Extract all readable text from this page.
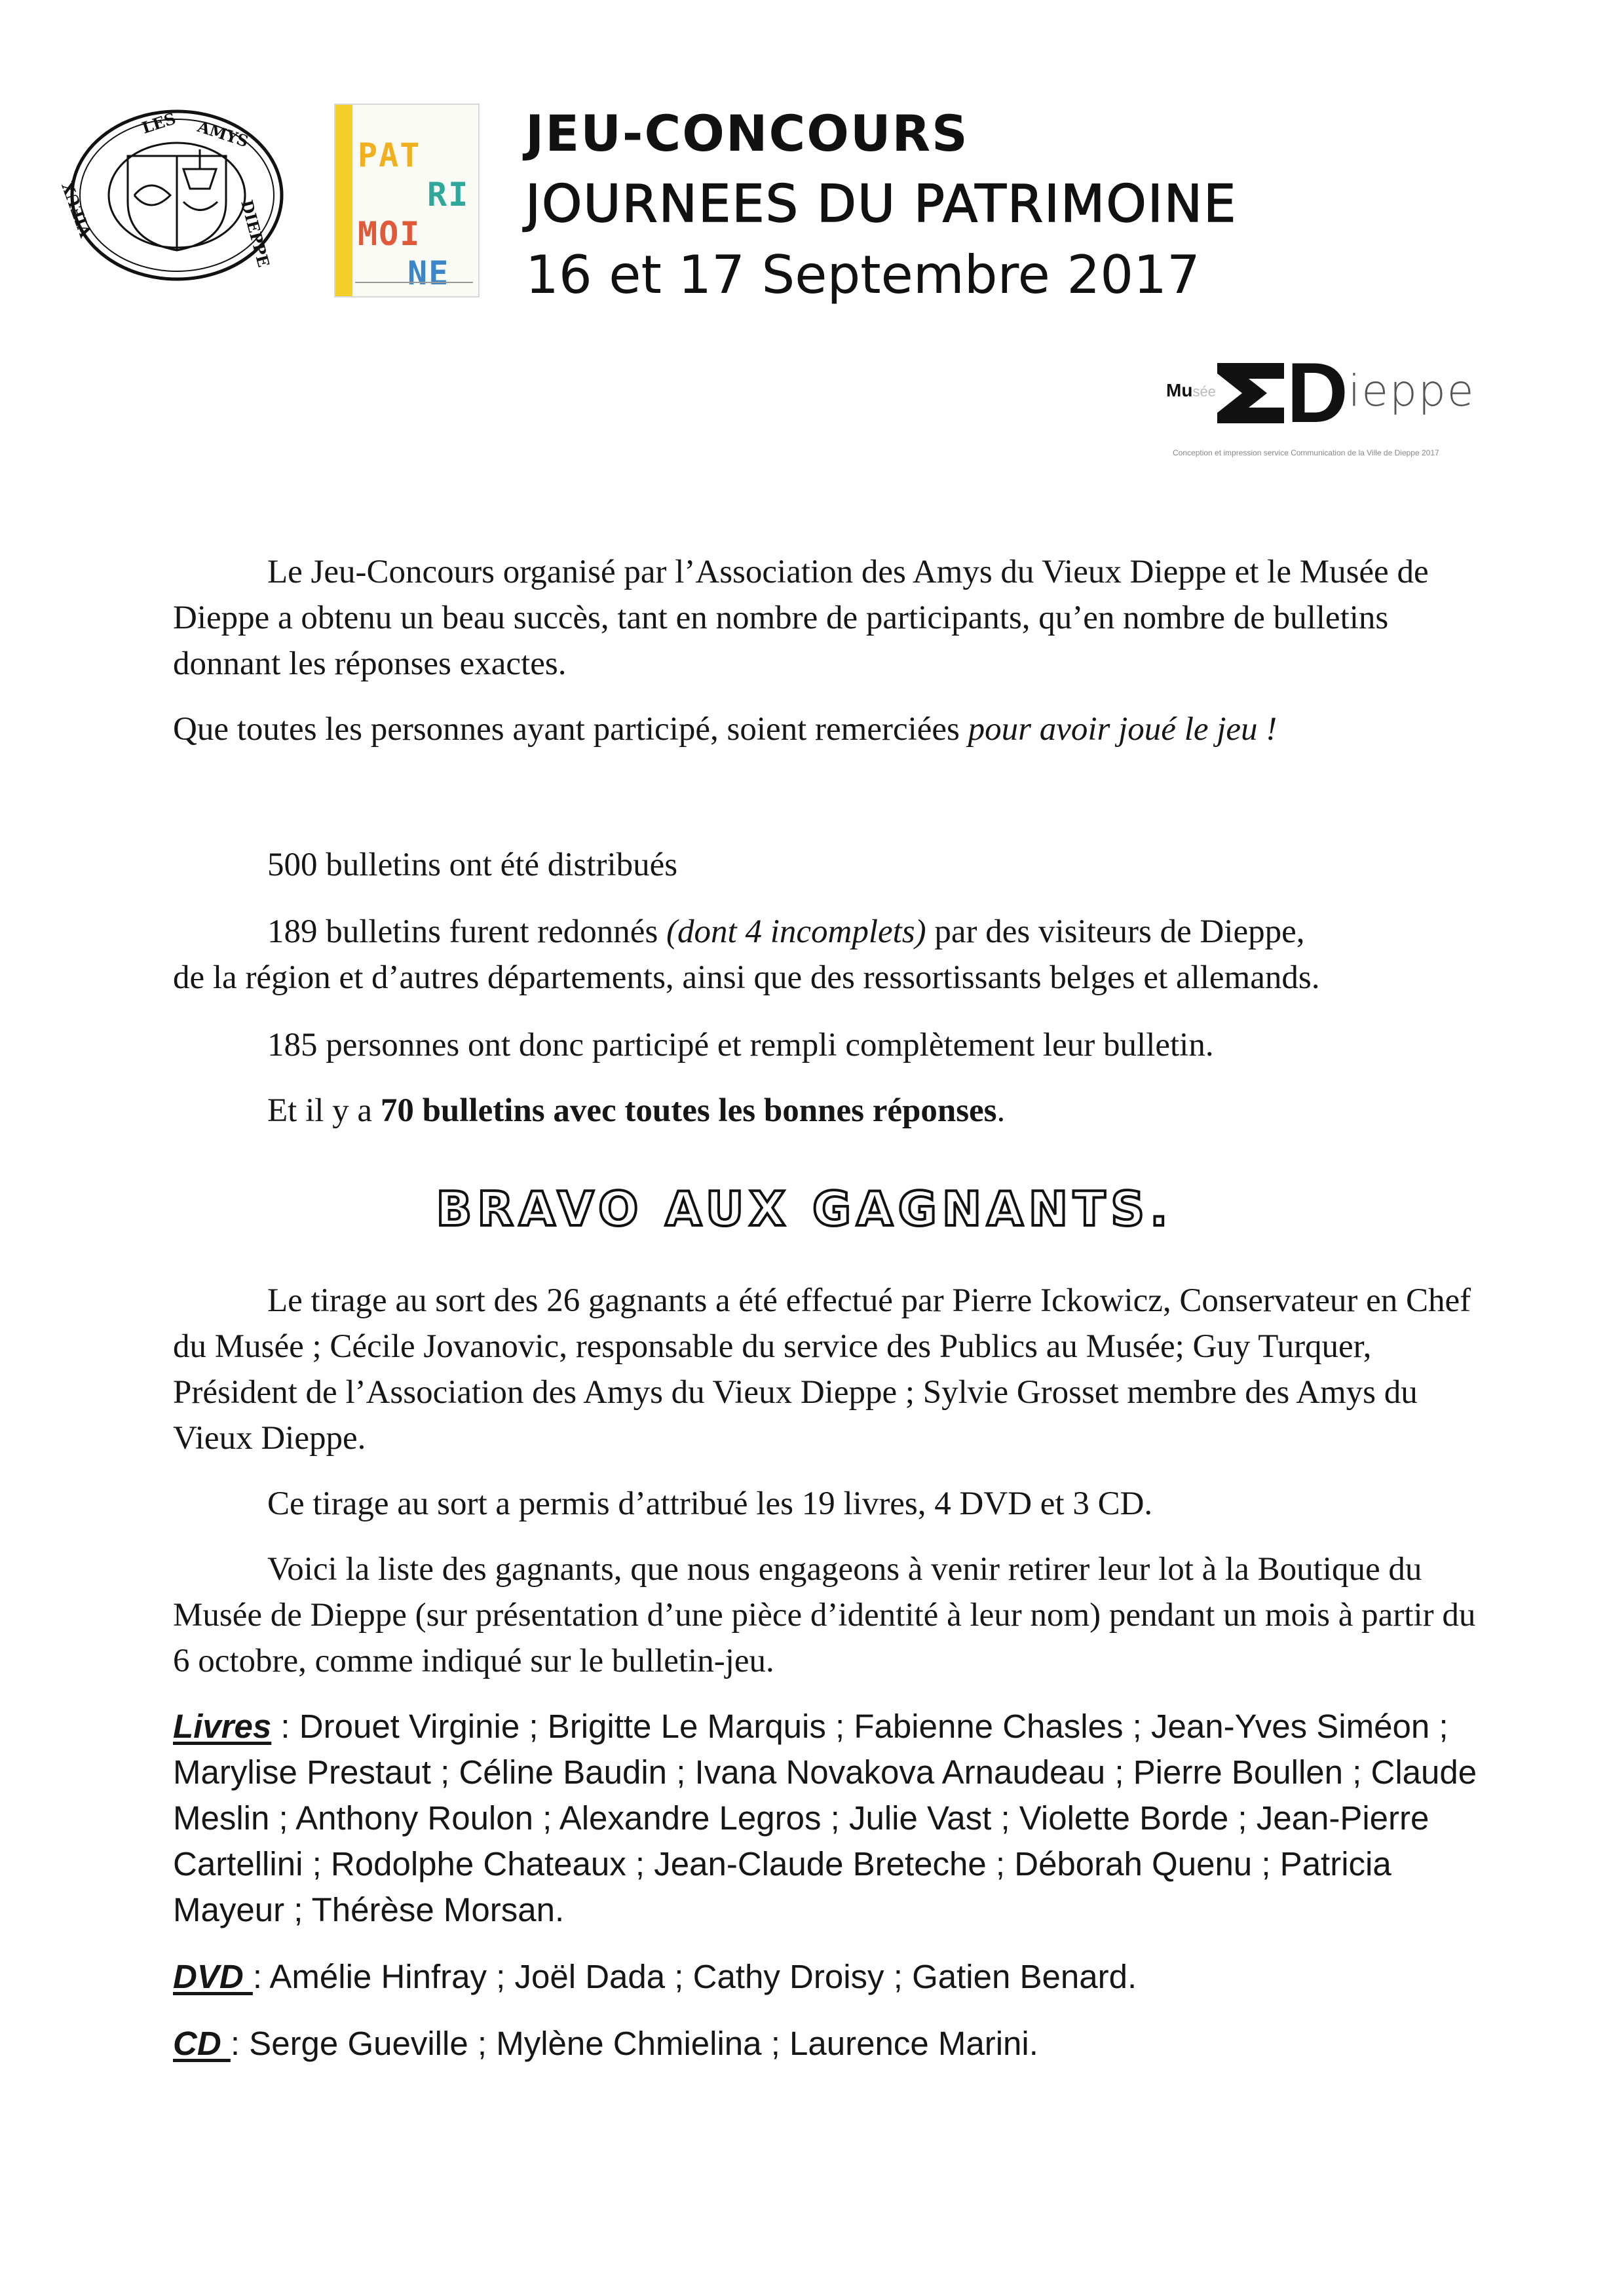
LES AMYS
DIEPPE
VIEUX
PAT
RI
MOI
NE
JEU-CONCOURS
JOURNEES DU PATRIMOINE
16 et 17 Septembre 2017
Musée D ieppe
Conception et impression service Communication de la Ville de Dieppe 2017

Le Jeu-Concours organisé par l’Association des Amys du Vieux Dieppe et le Musée de Dieppe a obtenu un beau succès, tant en nombre de participants, qu’en nombre de bulletins donnant les réponses exactes.

Que toutes les personnes ayant participé, soient remerciées pour avoir joué le jeu !

500 bulletins ont été distribués
189 bulletins furent redonnés (dont 4 incomplets) par des visiteurs de Dieppe,
de la région et d’autres départements, ainsi que des ressortissants belges et allemands.
185 personnes ont donc participé et rempli complètement leur bulletin.
Et il y a 70 bulletins avec toutes les bonnes réponses.
BRAVO AUX GAGNANTS.

Le tirage au sort des 26 gagnants a été effectué par Pierre Ickowicz, Conservateur en Chef du Musée ; Cécile Jovanovic, responsable du service des Publics au Musée; Guy Turquer, Président de l’Association des Amys du Vieux Dieppe ; Sylvie Grosset membre des Amys du Vieux Dieppe.

Ce tirage au sort a permis d’attribué les 19 livres, 4 DVD et 3 CD.

Voici la liste des gagnants, que nous engageons à venir retirer leur lot à la Boutique du Musée de Dieppe (sur présentation d’une pièce d’identité à leur nom) pendant un mois à partir du 6 octobre, comme indiqué sur le bulletin-jeu.

Livres : Drouet Virginie ; Brigitte Le Marquis ; Fabienne Chasles ; Jean-Yves Siméon ; Marylise Prestaut ; Céline Baudin ; Ivana Novakova Arnaudeau ; Pierre Boullen ; Claude Meslin ; Anthony Roulon ; Alexandre Legros ; Julie Vast ; Violette Borde ; Jean-Pierre Cartellini ; Rodolphe Chateaux ; Jean-Claude Breteche ; Déborah Quenu ; Patricia Mayeur ; Thérèse Morsan.

DVD : Amélie Hinfray ; Joël Dada ; Cathy Droisy ; Gatien Benard.

CD : Serge Gueville ; Mylène Chmielina ; Laurence Marini.
